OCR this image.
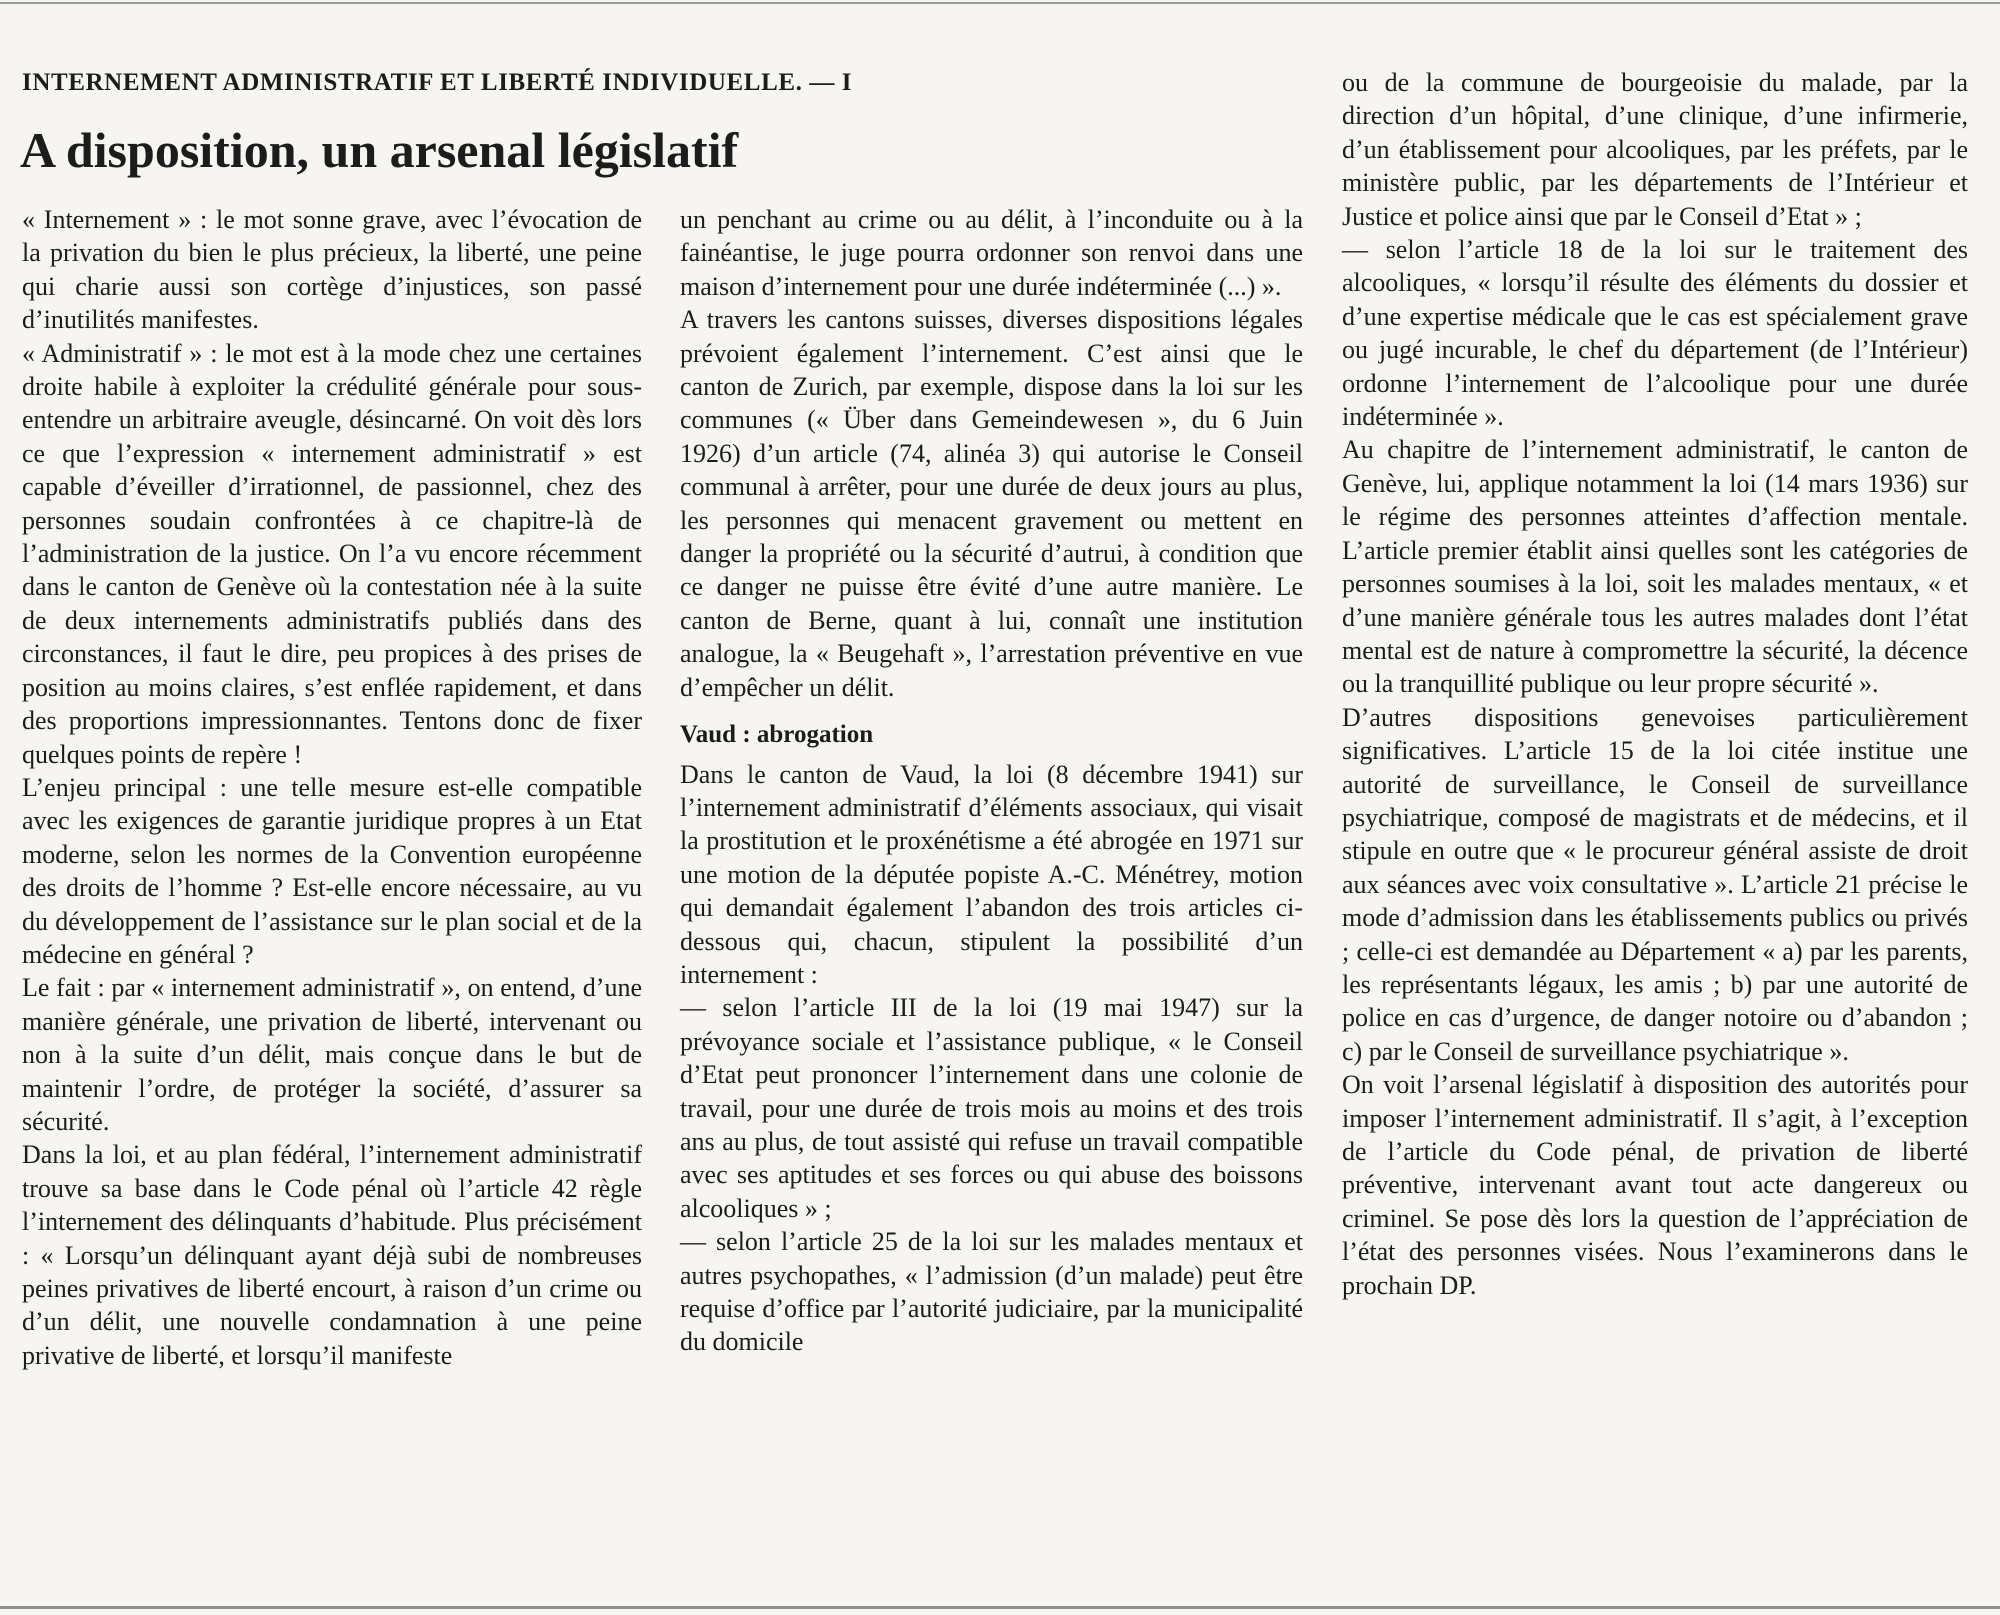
INTERNEMENT ADMINISTRATIF ET LIBERTÉ INDIVIDUELLE. — I
A disposition, un arsenal législatif

« Internement » : le mot sonne grave, avec l’évocation de la privation du bien le plus précieux, la liberté, une peine qui charie aussi son cortège d’injustices, son passé d’inutilités manifestes.

« Administratif » : le mot est à la mode chez une certaines droite habile à exploiter la crédulité générale pour sous-entendre un arbitraire aveugle, désincarné. On voit dès lors ce que l’expression « internement administratif » est capable d’éveiller d’irrationnel, de passionnel, chez des personnes soudain confrontées à ce chapitre-là de l’administration de la justice. On l’a vu encore récemment dans le canton de Genève où la contestation née à la suite de deux internements administratifs publiés dans des circonstances, il faut le dire, peu propices à des prises de position au moins claires, s’est enflée rapidement, et dans des proportions impressionnantes. Tentons donc de fixer quelques points de repère !

L’enjeu principal : une telle mesure est-elle compatible avec les exigences de garantie juridique propres à un Etat moderne, selon les normes de la Convention européenne des droits de l’homme ? Est-elle encore nécessaire, au vu du développement de l’assistance sur le plan social et de la médecine en général ?

Le fait : par « internement administratif », on entend, d’une manière générale, une privation de liberté, intervenant ou non à la suite d’un délit, mais conçue dans le but de maintenir l’ordre, de protéger la société, d’assurer sa sécurité.

Dans la loi, et au plan fédéral, l’internement administratif trouve sa base dans le Code pénal où l’article 42 règle l’internement des délinquants d’habitude. Plus précisément : « Lorsqu’un délinquant ayant déjà subi de nombreuses peines privatives de liberté encourt, à raison d’un crime ou d’un délit, une nouvelle condamnation à une peine privative de liberté, et lorsqu’il manifeste

un penchant au crime ou au délit, à l’inconduite ou à la fainéantise, le juge pourra ordonner son renvoi dans une maison d’internement pour une durée indéterminée (...) ».

A travers les cantons suisses, diverses dispositions légales prévoient également l’internement. C’est ainsi que le canton de Zurich, par exemple, dispose dans la loi sur les communes (« Über dans Gemeindewesen », du 6 Juin 1926) d’un article (74, alinéa 3) qui autorise le Conseil communal à arrêter, pour une durée de deux jours au plus, les personnes qui menacent gravement ou mettent en danger la propriété ou la sécurité d’autrui, à condition que ce danger ne puisse être évité d’une autre manière. Le canton de Berne, quant à lui, connaît une institution analogue, la « Beugehaft », l’arrestation préventive en vue d’empêcher un délit.

Vaud : abrogation

Dans le canton de Vaud, la loi (8 décembre 1941) sur l’internement administratif d’éléments associaux, qui visait la prostitution et le proxénétisme a été abrogée en 1971 sur une motion de la députée popiste A.-C. Ménétrey, motion qui demandait également l’abandon des trois articles ci-dessous qui, chacun, stipulent la possibilité d’un internement :

— selon l’article III de la loi (19 mai 1947) sur la prévoyance sociale et l’assistance publique, « le Conseil d’Etat peut prononcer l’internement dans une colonie de travail, pour une durée de trois mois au moins et des trois ans au plus, de tout assisté qui refuse un travail compatible avec ses aptitudes et ses forces ou qui abuse des boissons alcooliques » ;

— selon l’article 25 de la loi sur les malades mentaux et autres psychopathes, « l’admission (d’un malade) peut être requise d’office par l’autorité judiciaire, par la municipalité du domicile

ou de la commune de bourgeoisie du malade, par la direction d’un hôpital, d’une clinique, d’une infirmerie, d’un établissement pour alcooliques, par les préfets, par le ministère public, par les départements de l’Intérieur et Justice et police ainsi que par le Conseil d’Etat » ;

— selon l’article 18 de la loi sur le traitement des alcooliques, « lorsqu’il résulte des éléments du dossier et d’une expertise médicale que le cas est spécialement grave ou jugé incurable, le chef du département (de l’Intérieur) ordonne l’internement de l’alcoolique pour une durée indéterminée ».

Au chapitre de l’internement administratif, le canton de Genève, lui, applique notamment la loi (14 mars 1936) sur le régime des personnes atteintes d’affection mentale. L’article premier établit ainsi quelles sont les catégories de personnes soumises à la loi, soit les malades mentaux, « et d’une manière générale tous les autres malades dont l’état mental est de nature à compromettre la sécurité, la décence ou la tranquillité publique ou leur propre sécurité ».

D’autres dispositions genevoises particulièrement significatives. L’article 15 de la loi citée institue une autorité de surveillance, le Conseil de surveillance psychiatrique, composé de magistrats et de médecins, et il stipule en outre que « le procureur général assiste de droit aux séances avec voix consultative ». L’article 21 précise le mode d’admission dans les établissements publics ou privés ; celle-ci est demandée au Département « a) par les parents, les représentants légaux, les amis ; b) par une autorité de police en cas d’urgence, de danger notoire ou d’abandon ; c) par le Conseil de surveillance psychiatrique ».

On voit l’arsenal législatif à disposition des autorités pour imposer l’internement administratif. Il s’agit, à l’exception de l’article du Code pénal, de privation de liberté préventive, intervenant avant tout acte dangereux ou criminel. Se pose dès lors la question de l’appréciation de l’état des personnes visées. Nous l’examinerons dans le prochain DP.
